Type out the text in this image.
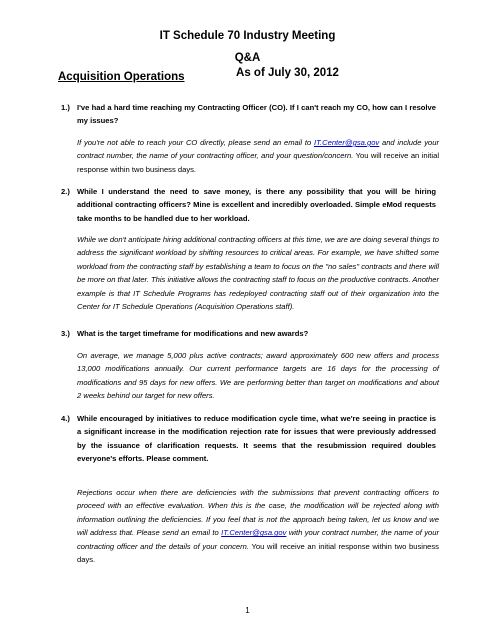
IT Schedule 70 Industry Meeting
Q&A
As of July 30, 2012
Acquisition Operations
1.) I've had a hard time reaching my Contracting Officer (CO). If I can't reach my CO, how can I resolve my issues?
If you're not able to reach your CO directly, please send an email to IT.Center@gsa.gov and include your contract number, the name of your contracting officer, and your question/concern. You will receive an initial response within two business days.
2.) While I understand the need to save money, is there any possibility that you will be hiring additional contracting officers? Mine is excellent and incredibly overloaded. Simple eMod requests take months to be handled due to her workload.
While we don't anticipate hiring additional contracting officers at this time, we are are doing several things to address the significant workload by shifting resources to critical areas. For example, we have shifted some workload from the contracting staff by establishing a team to focus on the "no sales" contracts and there will be more on that later. This initiative allows the contracting staff to focus on the productive contracts. Another example is that IT Schedule Programs has redeployed contracting staff out of their organization into the Center for IT Schedule Operations (Acquisition Operations staff).
3.) What is the target timeframe for modifications and new awards?
On average, we manage 5,000 plus active contracts; award approximately 600 new offers and process 13,000 modifications annually. Our current performance targets are 16 days for the processing of modifications and 95 days for new offers. We are performing better than target on modifications and about 2 weeks behind our target for new offers.
4.) While encouraged by initiatives to reduce modification cycle time, what we're seeing in practice is a significant increase in the modification rejection rate for issues that were previously addressed by the issuance of clarification requests. It seems that the resubmission required doubles everyone's efforts. Please comment.
Rejections occur when there are deficiencies with the submissions that prevent contracting officers to proceed with an effective evaluation. When this is the case, the modification will be rejected along with information outlining the deficiencies. If you feel that is not the approach being taken, let us know and we will address that. Please send an email to IT.Center@gsa.gov with your contract number, the name of your contracting officer and the details of your concern. You will receive an initial response within two business days.
1
